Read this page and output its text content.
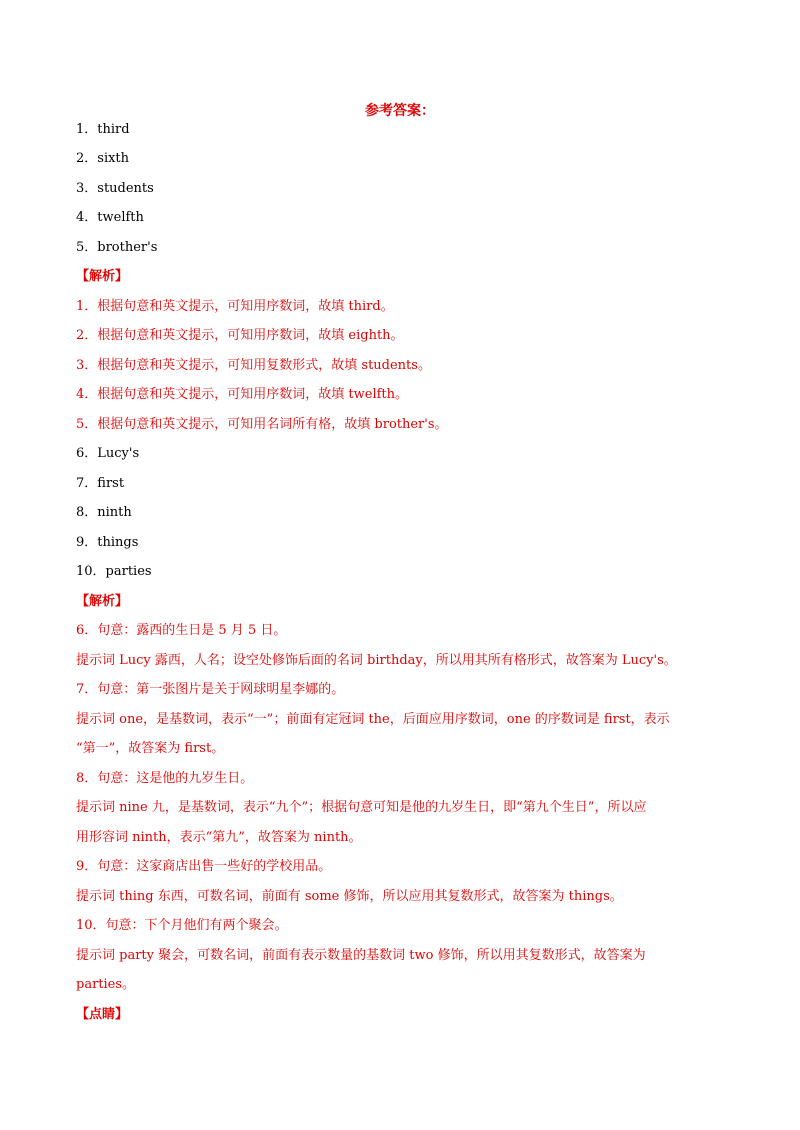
参考答案：
1．third
2．sixth
3．students
4．twelfth
5．brother's
【解析】
1．根据句意和英文提示，可知用序数词，故填 third。
2．根据句意和英文提示，可知用序数词，故填 eighth。
3．根据句意和英文提示，可知用复数形式，故填 students。
4．根据句意和英文提示，可知用序数词，故填 twelfth。
5．根据句意和英文提示，可知用名词所有格，故填 brother's。
6．Lucy's
7．first
8．ninth
9．things
10．parties
【解析】
6．句意：露西的生日是 5 月 5 日。
提示词 Lucy 露西，人名；设空处修饰后面的名词 birthday，所以用其所有格形式，故答案为 Lucy's。
7．句意：第一张图片是关于网球明星李娜的。
提示词 one，是基数词，表示“一”；前面有定冠词 the，后面应用序数词，one 的序数词是 first，表示
“第一”，故答案为 first。
8．句意：这是他的九岁生日。
提示词 nine 九，是基数词，表示“九个”；根据句意可知是他的九岁生日，即“第九个生日”，所以应
用形容词 ninth，表示“第九”，故答案为 ninth。
9．句意：这家商店出售一些好的学校用品。
提示词 thing 东西，可数名词，前面有 some 修饰，所以应用其复数形式，故答案为 things。
10．句意：下个月他们有两个聚会。
提示词 party 聚会，可数名词，前面有表示数量的基数词 two 修饰，所以用其复数形式，故答案为
parties。
【点睛】
